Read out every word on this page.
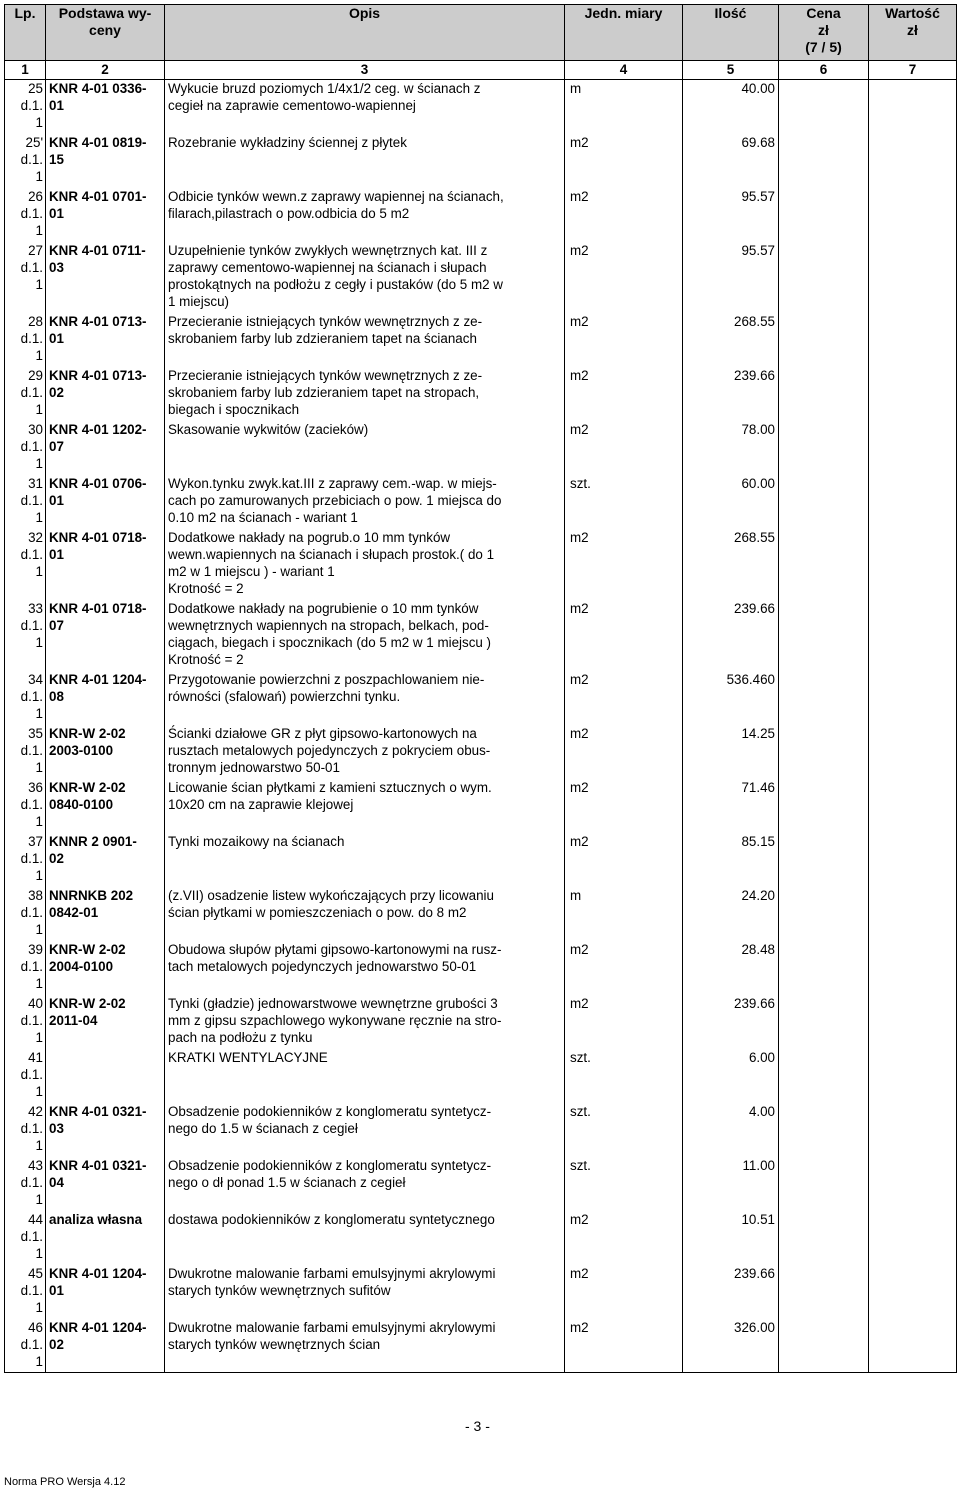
Lp.	Podstawa wy-
ceny	Opis	Jedn. miary	Ilość	Cena
zł
(7 / 5)	Wartość
zł
1	2	3	4	5	6	7

25
d.1.
1	KNR 4-01 0336-
01	Wykucie bruzd poziomych 1/4x1/2 ceg. w ścianach z
cegieł na zaprawie cementowo-wapiennej	m	40.00		

25'
d.1.
1	KNR 4-01 0819-
15	Rozebranie wykładziny ściennej z płytek	m2	69.68		

26
d.1.
1	KNR 4-01 0701-
01	Odbicie tynków wewn.z zaprawy wapiennej na ścianach,
filarach,pilastrach o pow.odbicia do 5 m2	m2	95.57		

27
d.1.
1	KNR 4-01 0711-
03	Uzupełnienie tynków zwykłych wewnętrznych kat. III z
zaprawy cementowo-wapiennej na ścianach i słupach
prostokątnych na podłożu z cegły i pustaków (do 5 m2 w
1 miejscu)	m2	95.57		

28
d.1.
1	KNR 4-01 0713-
01	Przecieranie istniejących tynków wewnętrznych z ze-
skrobaniem farby lub zdzieraniem tapet na ścianach	m2	268.55		

29
d.1.
1	KNR 4-01 0713-
02	Przecieranie istniejących tynków wewnętrznych z ze-
skrobaniem farby lub zdzieraniem tapet na stropach,
biegach i spocznikach	m2	239.66		

30
d.1.
1	KNR 4-01 1202-
07	Skasowanie wykwitów (zacieków)	m2	78.00		

31
d.1.
1	KNR 4-01 0706-
01	Wykon.tynku zwyk.kat.III z zaprawy cem.-wap. w miejs-
cach po zamurowanych przebiciach o pow. 1 miejsca do
0.10 m2 na ścianach - wariant 1	szt.	60.00		

32
d.1.
1	KNR 4-01 0718-
01	Dodatkowe nakłady na pogrub.o 10 mm tynków
wewn.wapiennych na ścianach i słupach prostok.( do 1
m2 w 1 miejscu ) - wariant 1
Krotność = 2	m2	268.55		

33
d.1.
1	KNR 4-01 0718-
07	Dodatkowe nakłady na pogrubienie o 10 mm tynków
wewnętrznych wapiennych na stropach, belkach, pod-
ciągach, biegach i spocznikach (do 5 m2 w 1 miejscu )
Krotność = 2	m2	239.66		

34
d.1.
1	KNR 4-01 1204-
08	Przygotowanie powierzchni z poszpachlowaniem nie-
równości (sfalowań) powierzchni tynku.	m2	536.460		

35
d.1.
1	KNR-W 2-02
2003-0100	Ścianki działowe GR z płyt gipsowo-kartonowych na
rusztach metalowych pojedynczych z pokryciem obus-
tronnym jednowarstwo 50-01	m2	14.25		

36
d.1.
1	KNR-W 2-02
0840-0100	Licowanie ścian płytkami z kamieni sztucznych o wym.
10x20 cm na zaprawie klejowej	m2	71.46		

37
d.1.
1	KNNR 2 0901-
02	Tynki mozaikowy na ścianach	m2	85.15		

38
d.1.
1	NNRNKB 202
0842-01	(z.VII) osadzenie listew wykończających przy licowaniu
ścian płytkami w pomieszczeniach o pow. do 8 m2	m	24.20		

39
d.1.
1	KNR-W 2-02
2004-0100	Obudowa słupów płytami gipsowo-kartonowymi na rusz-
tach metalowych pojedynczych jednowarstwo 50-01	m2	28.48		

40
d.1.
1	KNR-W 2-02
2011-04	Tynki (gładzie) jednowarstwowe wewnętrzne grubości 3
mm z gipsu szpachlowego wykonywane ręcznie na stro-
pach na podłożu z tynku	m2	239.66		

41
d.1.
1		KRATKI WENTYLACYJNE	szt.	6.00		

42
d.1.
1	KNR 4-01 0321-
03	Obsadzenie podokienników z konglomeratu syntetycz-
nego do 1.5 w ścianach z cegieł	szt.	4.00		

43
d.1.
1	KNR 4-01 0321-
04	Obsadzenie podokienników z konglomeratu syntetycz-
nego o dł ponad 1.5 w ścianach z cegieł	szt.	11.00		

44
d.1.
1	analiza własna	dostawa podokienników z konglomeratu syntetycznego	m2	10.51		

45
d.1.
1	KNR 4-01 1204-
01	Dwukrotne malowanie farbami emulsyjnymi akrylowymi
starych tynków wewnętrznych sufitów	m2	239.66		

46
d.1.
1	KNR 4-01 1204-
02	Dwukrotne malowanie farbami emulsyjnymi akrylowymi
starych tynków wewnętrznych ścian	m2	326.00		
- 3 -
Norma PRO Wersja 4.12
